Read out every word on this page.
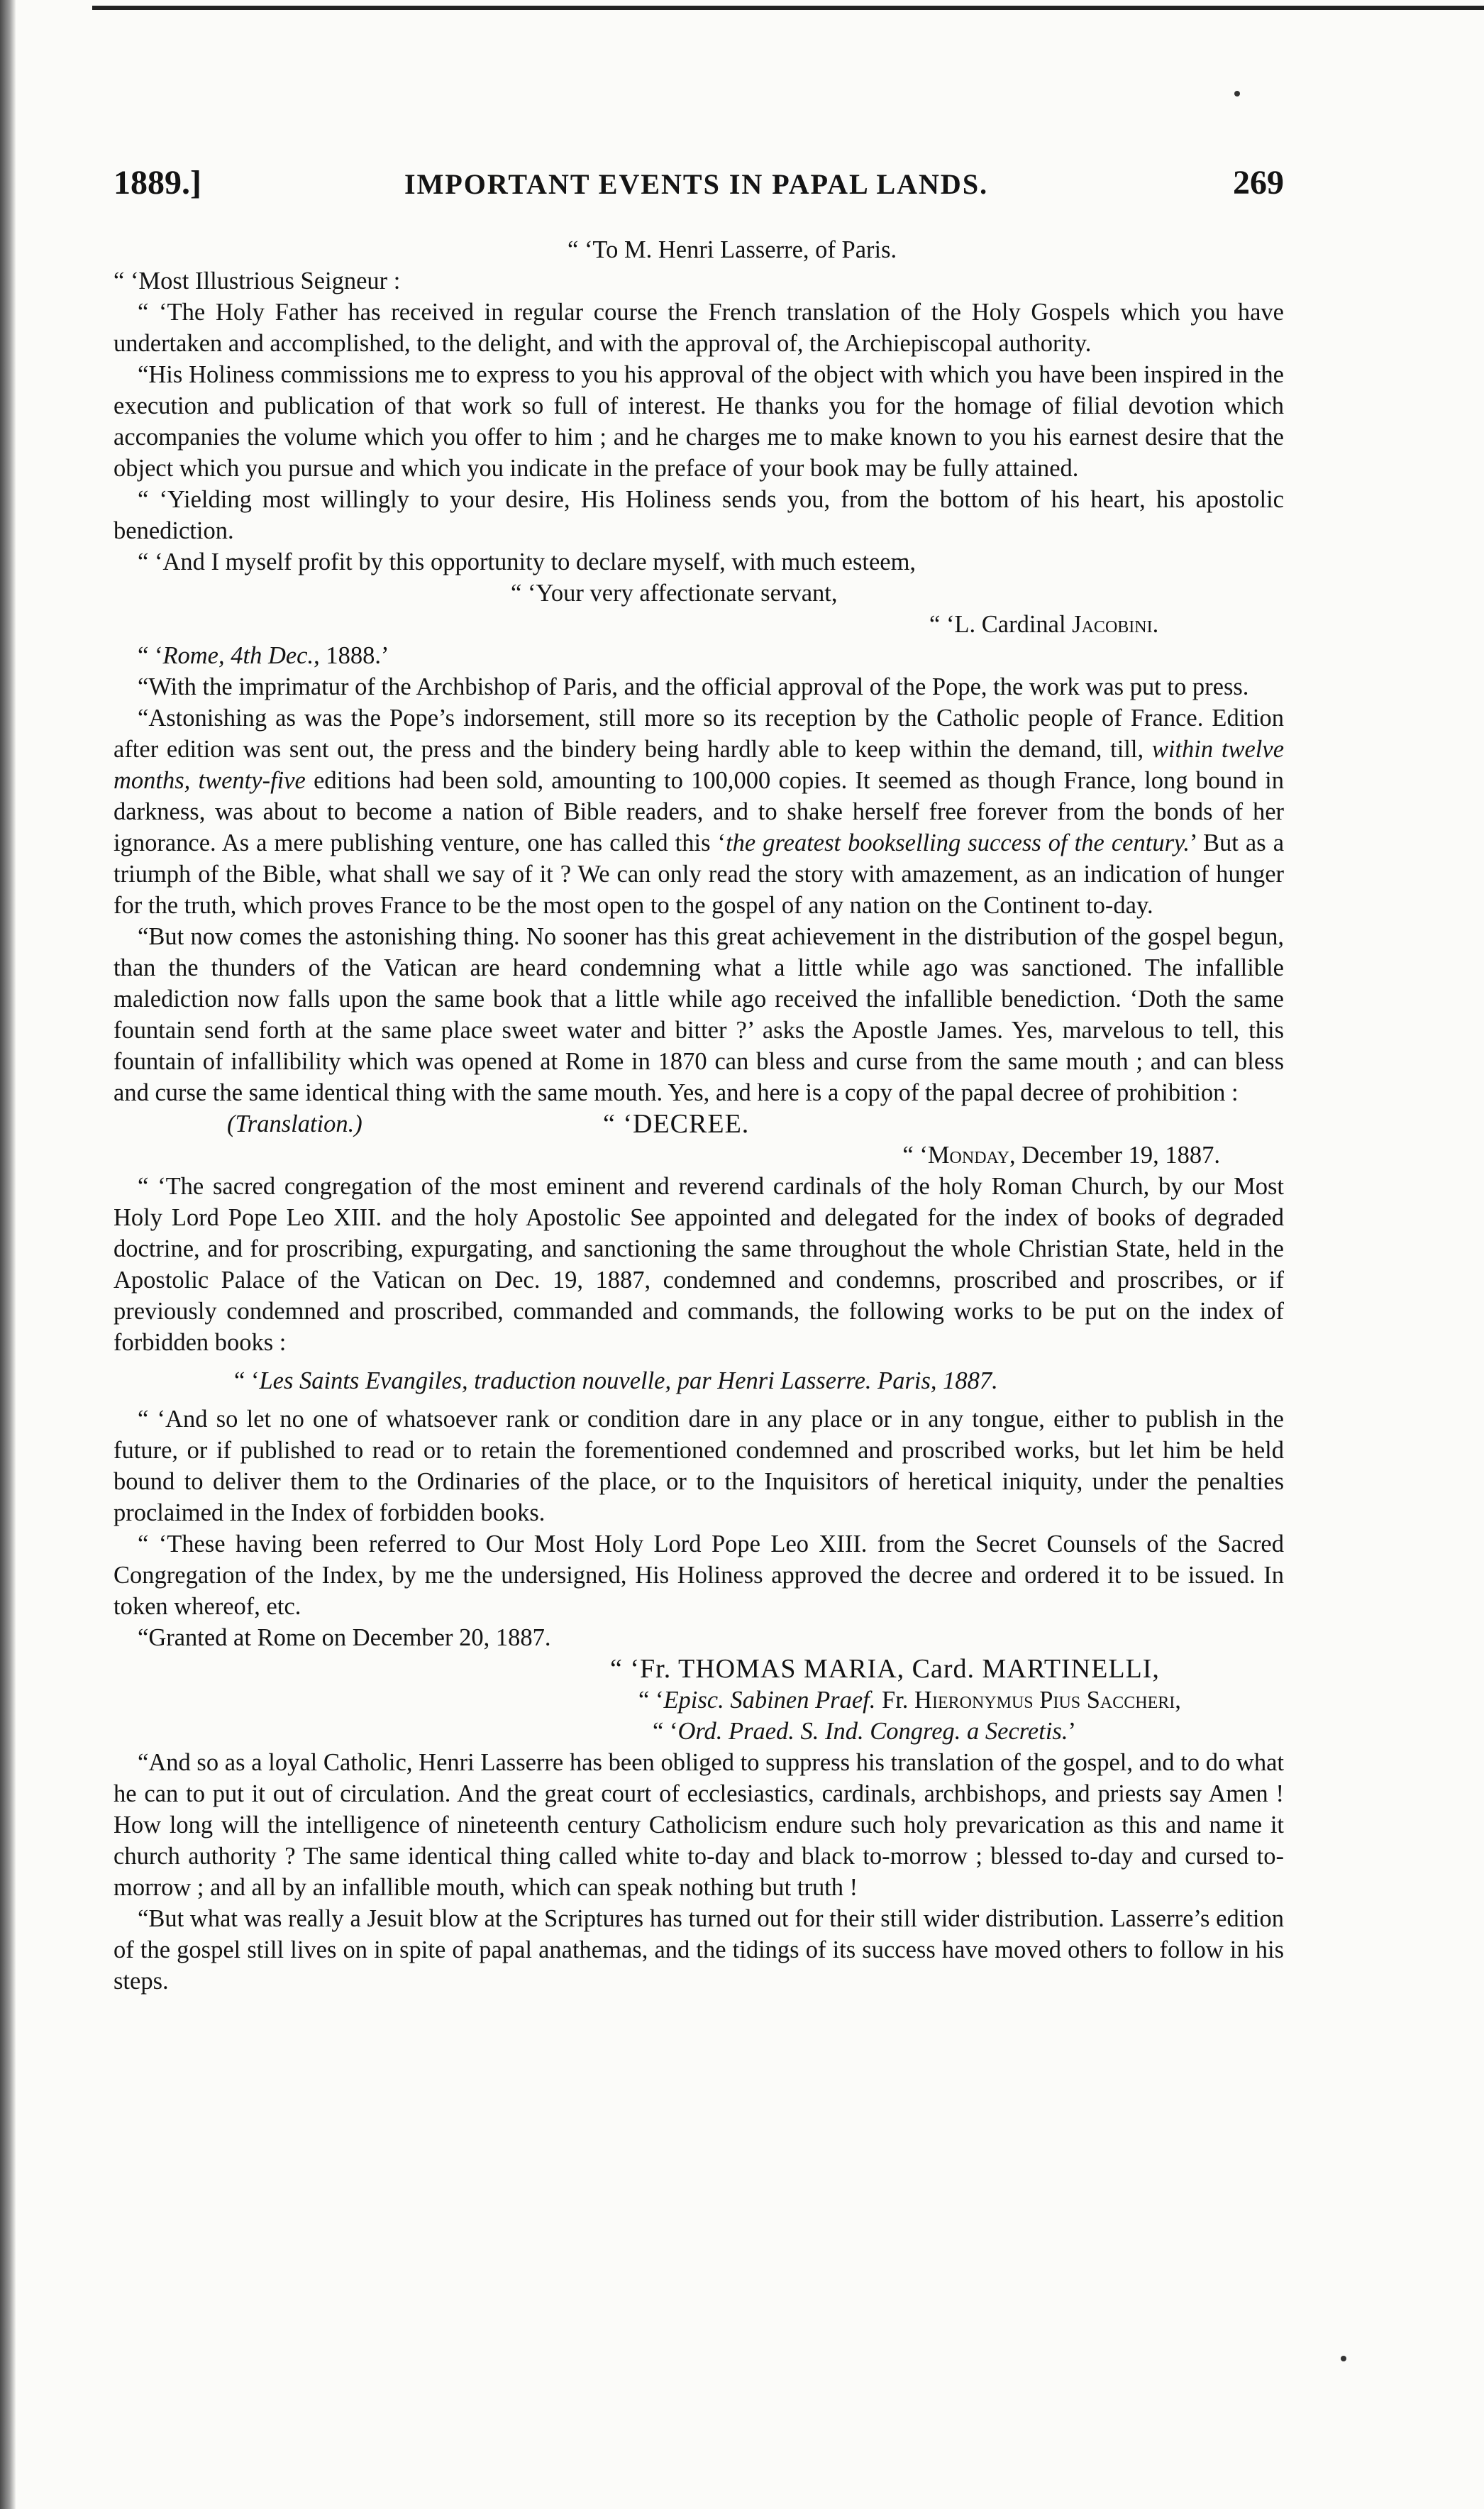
1889.]	IMPORTANT EVENTS IN PAPAL LANDS.	269

“ ‘To M. Henri Lasserre, of Paris.

“ ‘Most Illustrious Seigneur :

“ ‘The Holy Father has received in regular course the French translation of the Holy Gospels which you have undertaken and accomplished, to the delight, and with the approval of, the Archiepiscopal authority.

“His Holiness commissions me to express to you his approval of the object with which you have been inspired in the execution and publication of that work so full of interest. He thanks you for the homage of filial devotion which accompanies the volume which you offer to him ; and he charges me to make known to you his earnest desire that the object which you pursue and which you indicate in the preface of your book may be fully attained.

“ ‘Yielding most willingly to your desire, His Holiness sends you, from the bottom of his heart, his apostolic benediction.

“ ‘And I myself profit by this opportunity to declare myself, with much esteem,

“ ‘Your very affectionate servant,

“ ‘L. Cardinal Jacobini.

“ ‘Rome, 4th Dec., 1888.’

“With the imprimatur of the Archbishop of Paris, and the official approval of the Pope, the work was put to press.

“Astonishing as was the Pope’s indorsement, still more so its reception by the Catholic people of France. Edition after edition was sent out, the press and the bindery being hardly able to keep within the demand, till, within twelve months, twenty-five editions had been sold, amounting to 100,000 copies. It seemed as though France, long bound in darkness, was about to become a nation of Bible readers, and to shake herself free forever from the bonds of her ignorance. As a mere publishing venture, one has called this ‘the greatest bookselling success of the century.’ But as a triumph of the Bible, what shall we say of it ? We can only read the story with amazement, as an indication of hunger for the truth, which proves France to be the most open to the gospel of any nation on the Continent to-day.

“But now comes the astonishing thing. No sooner has this great achievement in the distribution of the gospel begun, than the thunders of the Vatican are heard condemning what a little while ago was sanctioned. The infallible malediction now falls upon the same book that a little while ago received the infallible benediction. ‘Doth the same fountain send forth at the same place sweet water and bitter ?’ asks the Apostle James. Yes, marvelous to tell, this fountain of infallibility which was opened at Rome in 1870 can bless and curse from the same mouth ; and can bless and curse the same identical thing with the same mouth. Yes, and here is a copy of the papal decree of prohibition :

(Translation.)	“ ‘DECREE.

“ ‘Monday, December 19, 1887.

“ ‘The sacred congregation of the most eminent and reverend cardinals of the holy Roman Church, by our Most Holy Lord Pope Leo XIII. and the holy Apostolic See appointed and delegated for the index of books of degraded doctrine, and for proscribing, expurgating, and sanctioning the same throughout the whole Christian State, held in the Apostolic Palace of the Vatican on Dec. 19, 1887, condemned and condemns, proscribed and proscribes, or if previously condemned and proscribed, commanded and commands, the following works to be put on the index of forbidden books :

“ ‘Les Saints Evangiles, traduction nouvelle, par Henri Lasserre. Paris, 1887.

“ ‘And so let no one of whatsoever rank or condition dare in any place or in any tongue, either to publish in the future, or if published to read or to retain the forementioned condemned and proscribed works, but let him be held bound to deliver them to the Ordinaries of the place, or to the Inquisitors of heretical iniquity, under the penalties proclaimed in the Index of forbidden books.

“ ‘These having been referred to Our Most Holy Lord Pope Leo XIII. from the Secret Counsels of the Sacred Congregation of the Index, by me the undersigned, His Holiness approved the decree and ordered it to be issued. In token whereof, etc.

“Granted at Rome on December 20, 1887.

“ ‘Fr. THOMAS MARIA, Card. MARTINELLI,

“ ‘Episc. Sabinen Praef. Fr. Hieronymus Pius Saccheri,

“ ‘Ord. Praed. S. Ind. Congreg. a Secretis.’

“And so as a loyal Catholic, Henri Lasserre has been obliged to suppress his translation of the gospel, and to do what he can to put it out of circulation. And the great court of ecclesiastics, cardinals, archbishops, and priests say Amen ! How long will the intelligence of nineteenth century Catholicism endure such holy prevarication as this and name it church authority ? The same identical thing called white to-day and black to-morrow ; blessed to-day and cursed to-morrow ; and all by an infallible mouth, which can speak nothing but truth !

“But what was really a Jesuit blow at the Scriptures has turned out for their still wider distribution. Lasserre’s edition of the gospel still lives on in spite of papal anathemas, and the tidings of its success have moved others to follow in his steps.
